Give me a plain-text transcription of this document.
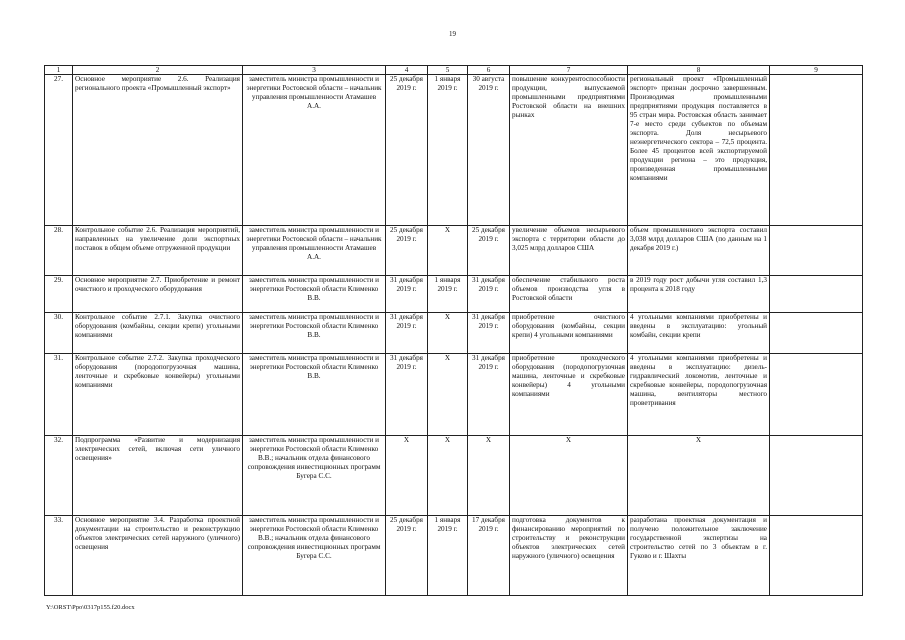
19
1	2	3	4	5	6	7	8	9
27.	Основное мероприятие 2.6. Реализация регионального проекта «Промышленный экспорт»	заместитель министра промышленности и энергетики Ростовской области – начальник управления промышленности Атамашев А.А.	25 декабря 2019 г.	1 января 2019 г.	30 августа 2019 г.	повышение конкурентоспособности продукции, выпускаемой промышленными предприятиями Ростовской области на внешних рынках	региональный проект «Промышленный экспорт» признан досрочно завершенным. Производимая промышленными предприятиями продукция поставляется в 95 стран мира. Ростовская область занимает 7-е место среди субъектов по объемам экспорта. Доля несырьевого неэнергетического сектора – 72,5 процента. Более 45 процентов всей экспортируемой продукции региона – это продукция, произведенная промышленными компаниями	
28.	Контрольное событие 2.6. Реализация мероприятий, направленных на увеличение доли экспортных поставок в общем объеме отгруженной продукции	заместитель министра промышленности и энергетики Ростовской области – начальник управления промышленности Атамашев А.А.	25 декабря 2019 г.	X	25 декабря 2019 г.	увеличение объемов несырьевого экспорта с территории области до 3,025 млрд долларов США	объем промышленного экспорта составил 3,038 млрд долларов США (по данным на 1 декабря 2019 г.)	
29.	Основное мероприятие 2.7. Приобретение и ремонт очистного и проходческого оборудования	заместитель министра промышленности и энергетики Ростовской области Клименко В.В.	31 декабря 2019 г.	1 января 2019 г.	31 декабря 2019 г.	обеспечение стабильного роста объемов производства угля в Ростовской области	в 2019 году рост добычи угля составил 1,3 процента к 2018 году	
30.	Контрольное событие 2.7.1. Закупка очистного оборудования (комбайны, секции крепи) угольными компаниями	заместитель министра промышленности и энергетики Ростовской области Клименко В.В.	31 декабря 2019 г.	X	31 декабря 2019 г.	приобретение очистного оборудования (комбайны, секции крепи) 4 угольными компаниями	4 угольными компаниями приобретены и введены в эксплуатацию: угольный комбайн, секции крепи	
31.	Контрольное событие 2.7.2. Закупка проходческого оборудования (породопогрузочная машина, ленточные и скребковые конвейеры) угольными компаниями	заместитель министра промышленности и энергетики Ростовской области Клименко В.В.	31 декабря 2019 г.	X	31 декабря 2019 г.	приобретение проходческого оборудования (породопогрузочная машина, ленточные и скребковые конвейеры) 4 угольными компаниями	4 угольными компаниями приобретены и введены в эксплуатацию: дизель-гидравлический локомотив, ленточные и скребковые конвейеры, породопогрузочная машина, вентиляторы местного проветривания	
32.	Подпрограмма «Развитие и модернизация электрических сетей, включая сети уличного освещения»	заместитель министра промышленности и энергетики Ростовской области Клименко В.В.; начальник отдела финансового сопровождения инвестиционных программ Бугера С.С.	X	X	X	X	X	
33.	Основное мероприятие 3.4. Разработка проектной документации на строительство и реконструкцию объектов электрических сетей наружного (уличного) освещения	заместитель министра промышленности и энергетики Ростовской области Клименко В.В.; начальник отдела финансового сопровождения инвестиционных программ Бугера С.С.	25 декабря 2019 г.	1 января 2019 г.	17 декабря 2019 г.	подготовка документов к финансированию мероприятий по строительству и реконструкции объектов электрических сетей наружного (уличного) освещения	разработана проектная документация и получено положительное заключение государственной экспертизы на строительство сетей по 3 объектам в г. Гуково и г. Шахты	
Y:\ORST\Ppo\0317p155.f20.docx
